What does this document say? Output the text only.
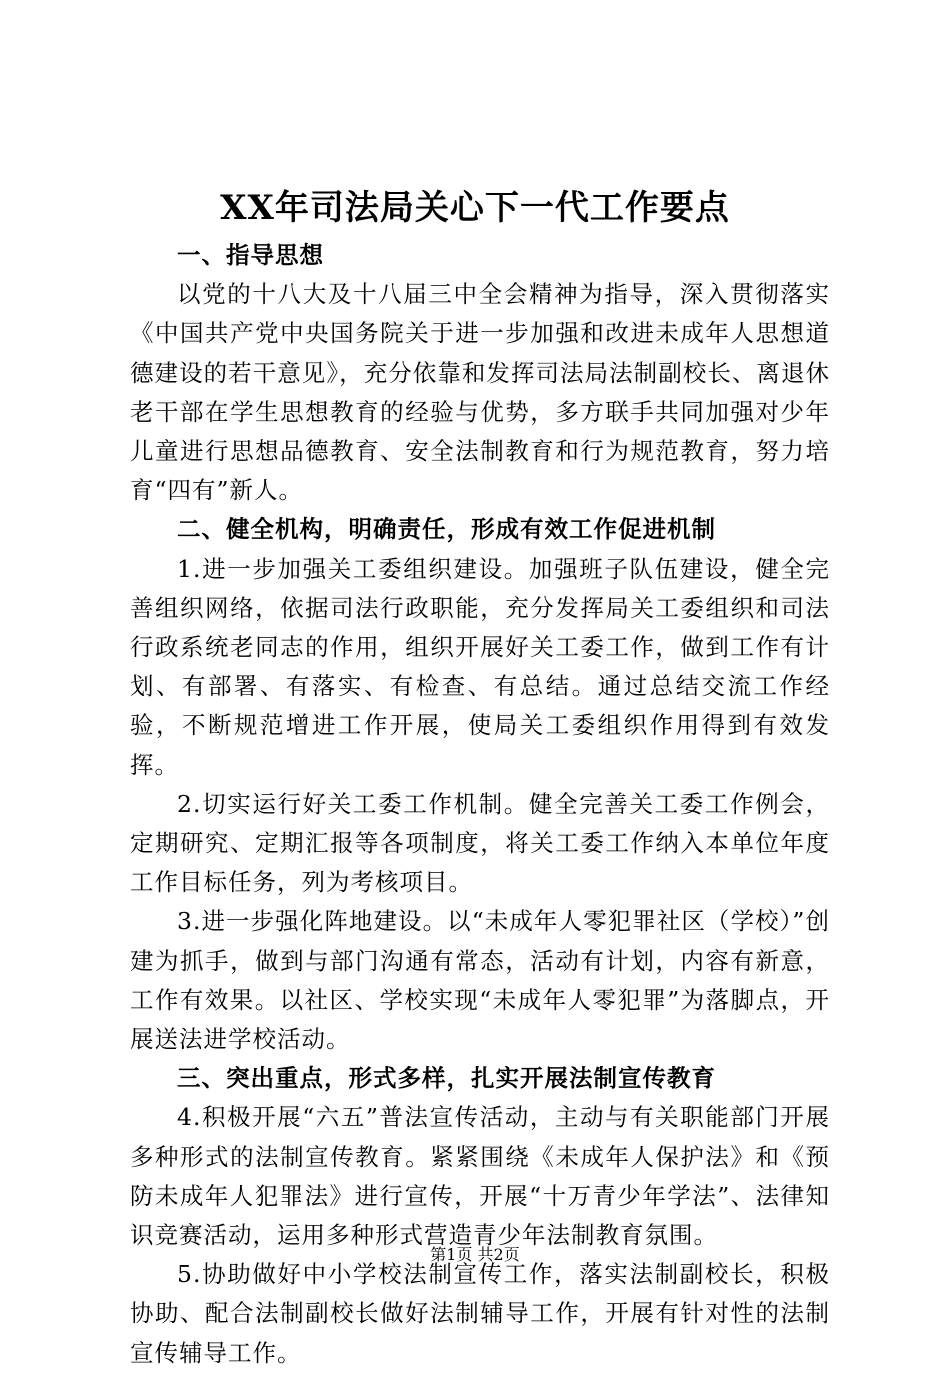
XX年司法局关心下一代工作要点

一、指导思想

以党的十八大及十八届三中全会精神为指导，深入贯彻落实《中国共产党中央国务院关于进一步加强和改进未成年人思想道德建设的若干意见》，充分依靠和发挥司法局法制副校长、离退休老干部在学生思想教育的经验与优势，多方联手共同加强对少年儿童进行思想品德教育、安全法制教育和行为规范教育，努力培育“四有”新人。

二、健全机构，明确责任，形成有效工作促进机制

1.进一步加强关工委组织建设。加强班子队伍建设，健全完善组织网络，依据司法行政职能，充分发挥局关工委组织和司法行政系统老同志的作用，组织开展好关工委工作，做到工作有计划、有部署、有落实、有检查、有总结。通过总结交流工作经验，不断规范增进工作开展，使局关工委组织作用得到有效发挥。

2.切实运行好关工委工作机制。健全完善关工委工作例会，定期研究、定期汇报等各项制度，将关工委工作纳入本单位年度工作目标任务，列为考核项目。

3.进一步强化阵地建设。以“未成年人零犯罪社区（学校）”创建为抓手，做到与部门沟通有常态，活动有计划，内容有新意，工作有效果。以社区、学校实现“未成年人零犯罪”为落脚点，开展送法进学校活动。

三、突出重点，形式多样，扎实开展法制宣传教育

4.积极开展“六五”普法宣传活动，主动与有关职能部门开展多种形式的法制宣传教育。紧紧围绕《未成年人保护法》和《预防未成年人犯罪法》进行宣传，开展“十万青少年学法”、法律知识竞赛活动，运用多种形式营造青少年法制教育氛围。

5.协助做好中小学校法制宣传工作，落实法制副校长，积极协助、配合法制副校长做好法制辅导工作，开展有针对性的法制宣传辅导工作。

第1页 共2页
